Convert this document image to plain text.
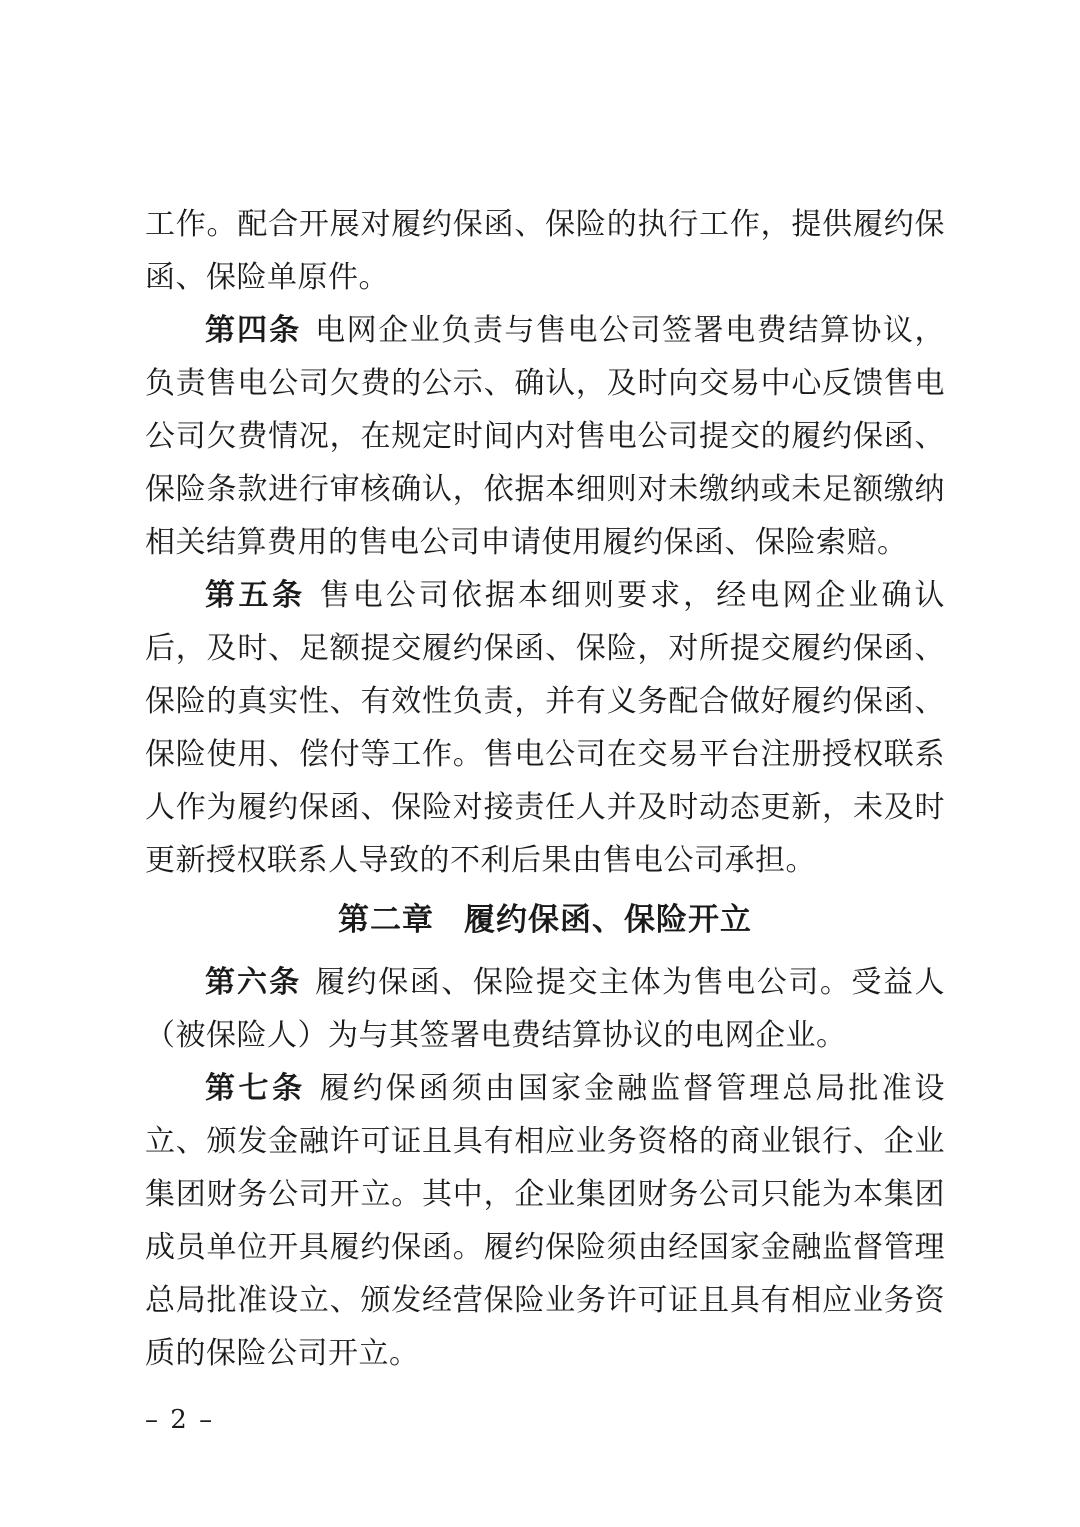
工作。配合开展对履约保函、保险的执行工作，提供履约保函、保险单原件。

第四条 电网企业负责与售电公司签署电费结算协议，负责售电公司欠费的公示、确认，及时向交易中心反馈售电公司欠费情况，在规定时间内对售电公司提交的履约保函、保险条款进行审核确认，依据本细则对未缴纳或未足额缴纳相关结算费用的售电公司申请使用履约保函、保险索赔。

第五条 售电公司依据本细则要求，经电网企业确认后，及时、足额提交履约保函、保险，对所提交履约保函、保险的真实性、有效性负责，并有义务配合做好履约保函、保险使用、偿付等工作。售电公司在交易平台注册授权联系人作为履约保函、保险对接责任人并及时动态更新，未及时更新授权联系人导致的不利后果由售电公司承担。

第二章 履约保函、保险开立

第六条 履约保函、保险提交主体为售电公司。受益人（被保险人）为与其签署电费结算协议的电网企业。

第七条 履约保函须由国家金融监督管理总局批准设立、颁发金融许可证且具有相应业务资格的商业银行、企业集团财务公司开立。其中，企业集团财务公司只能为本集团成员单位开具履约保函。履约保险须由经国家金融监督管理总局批准设立、颁发经营保险业务许可证且具有相应业务资质的保险公司开立。

– 2 –
